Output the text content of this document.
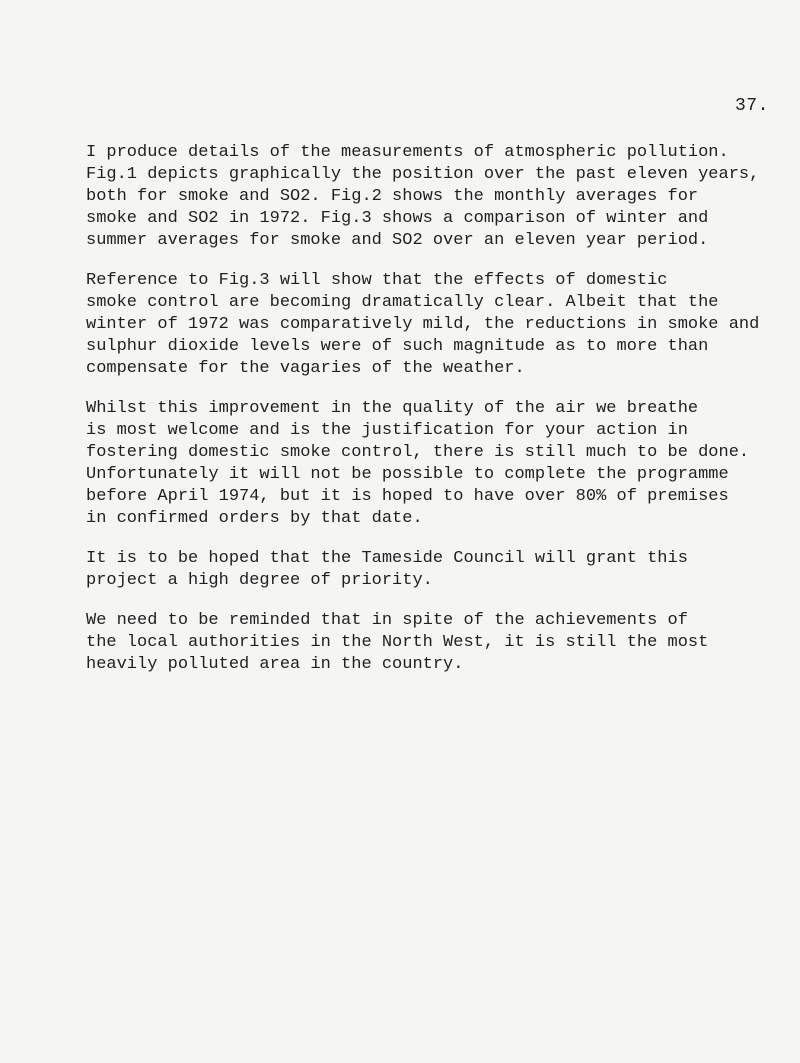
37.
I produce details of the measurements of atmospheric pollution.
Fig.1 depicts graphically the position over the past eleven years,
both for smoke and SO2. Fig.2 shows the monthly averages for
smoke and SO2 in 1972. Fig.3 shows a comparison of winter and
summer averages for smoke and SO2 over an eleven year period.
Reference to Fig.3 will show that the effects of domestic
smoke control are becoming dramatically clear. Albeit that the
winter of 1972 was comparatively mild, the reductions in smoke and
sulphur dioxide levels were of such magnitude as to more than
compensate for the vagaries of the weather.
Whilst this improvement in the quality of the air we breathe
is most welcome and is the justification for your action in
fostering domestic smoke control, there is still much to be done.
Unfortunately it will not be possible to complete the programme
before April 1974, but it is hoped to have over 80% of premises
in confirmed orders by that date.
It is to be hoped that the Tameside Council will grant this
project a high degree of priority.
We need to be reminded that in spite of the achievements of
the local authorities in the North West, it is still the most
heavily polluted area in the country.
